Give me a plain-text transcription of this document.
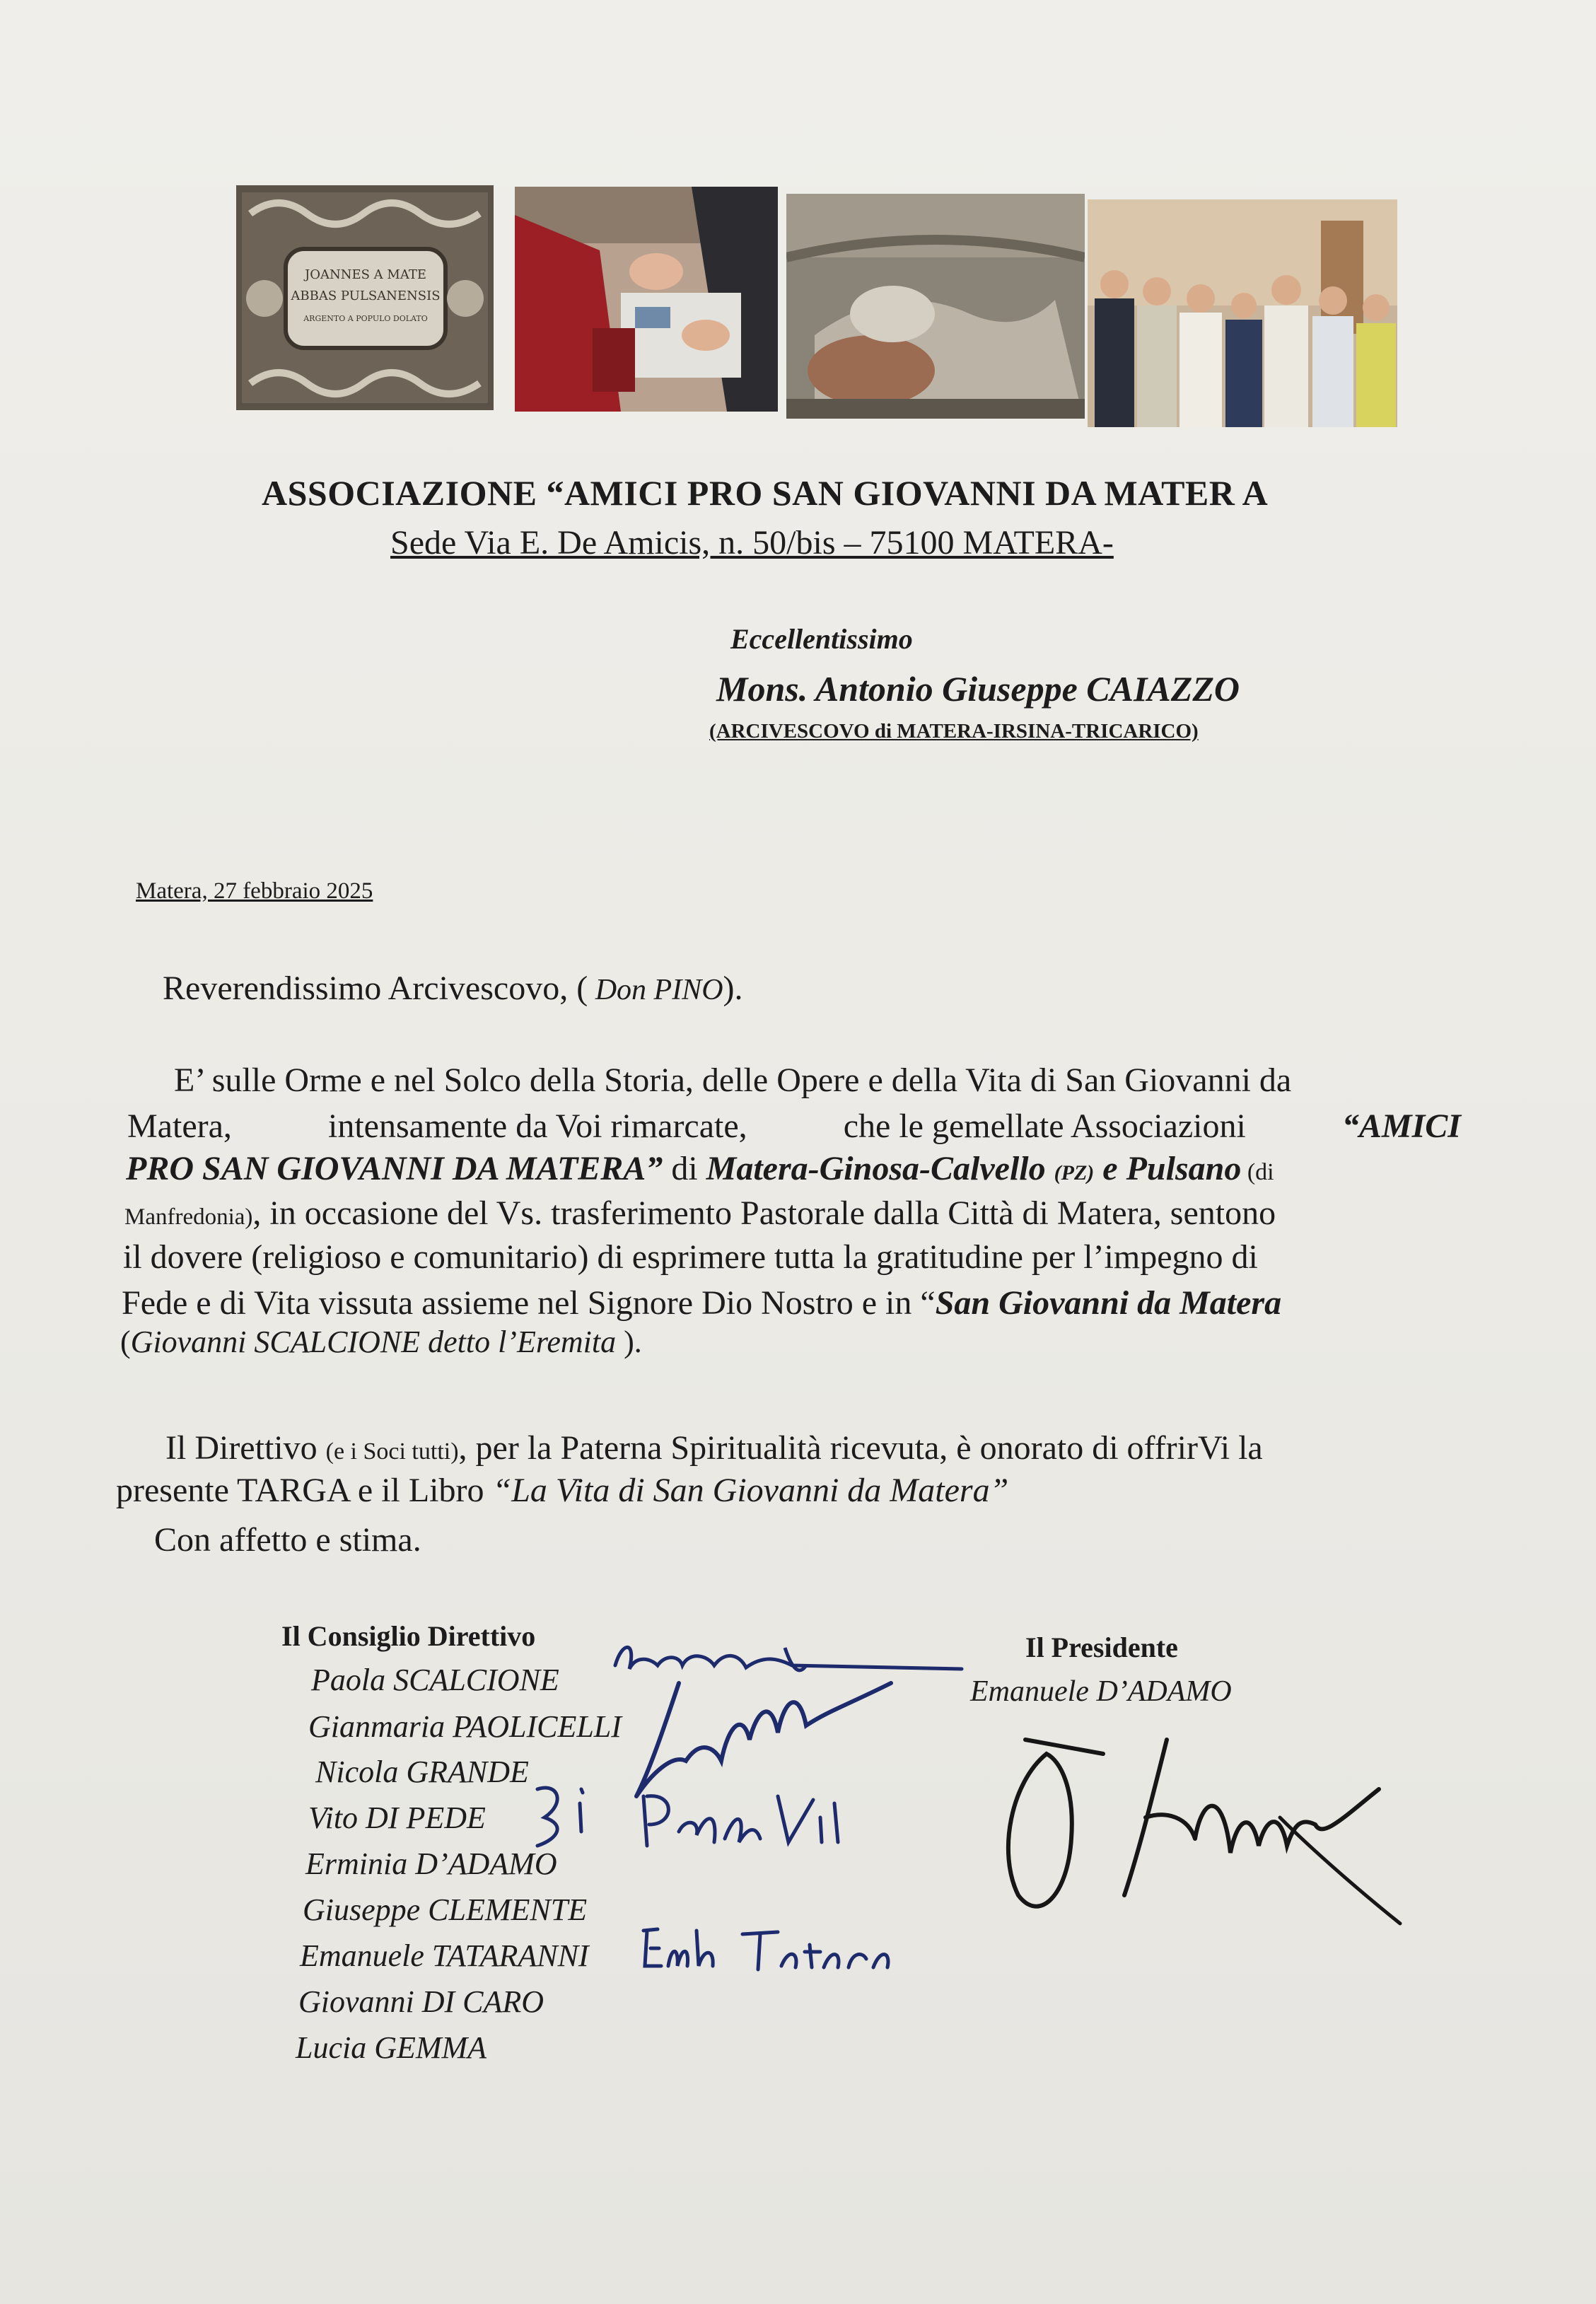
JOANNES A MATE
ABBAS PULSANENSIS
ARGENTO A POPULO DOLATO
ASSOCIAZIONE “AMICI PRO SAN GIOVANNI DA MATER A
Sede Via E. De Amicis, n. 50/bis – 75100 MATERA-
Eccellentissimo
Mons. Antonio Giuseppe CAIAZZO
(ARCIVESCOVO di MATERA-IRSINA-TRICARICO)
Matera, 27 febbraio 2025
Reverendissimo Arcivescovo, ( Don PINO).
E’ sulle Orme e nel Solco della Storia, delle Opere e della Vita di San Giovanni da
Matera,	intensamente da Voi rimarcate,	che le gemellate Associazioni	“AMICI
PRO SAN GIOVANNI DA MATERA” di Matera-Ginosa-Calvello (PZ) e Pulsano (di
Manfredonia), in occasione del Vs. trasferimento Pastorale dalla Città di Matera, sentono
il dovere (religioso e comunitario) di esprimere tutta la gratitudine per l’impegno di
Fede e di Vita vissuta assieme nel Signore Dio Nostro e in “San Giovanni da Matera
(Giovanni SCALCIONE detto l’Eremita ).
Il Direttivo (e i Soci tutti), per la Paterna Spiritualità ricevuta, è onorato di offrirVi la
presente TARGA e il Libro “La Vita di San Giovanni da Matera”
Con affetto e stima.
Il Consiglio Direttivo
Paola SCALCIONE
Gianmaria PAOLICELLI
Nicola GRANDE
Vito DI PEDE
Erminia D’ADAMO
Giuseppe CLEMENTE
Emanuele TATARANNI
Giovanni DI CARO
Lucia GEMMA
Il Presidente
Emanuele D’ADAMO
